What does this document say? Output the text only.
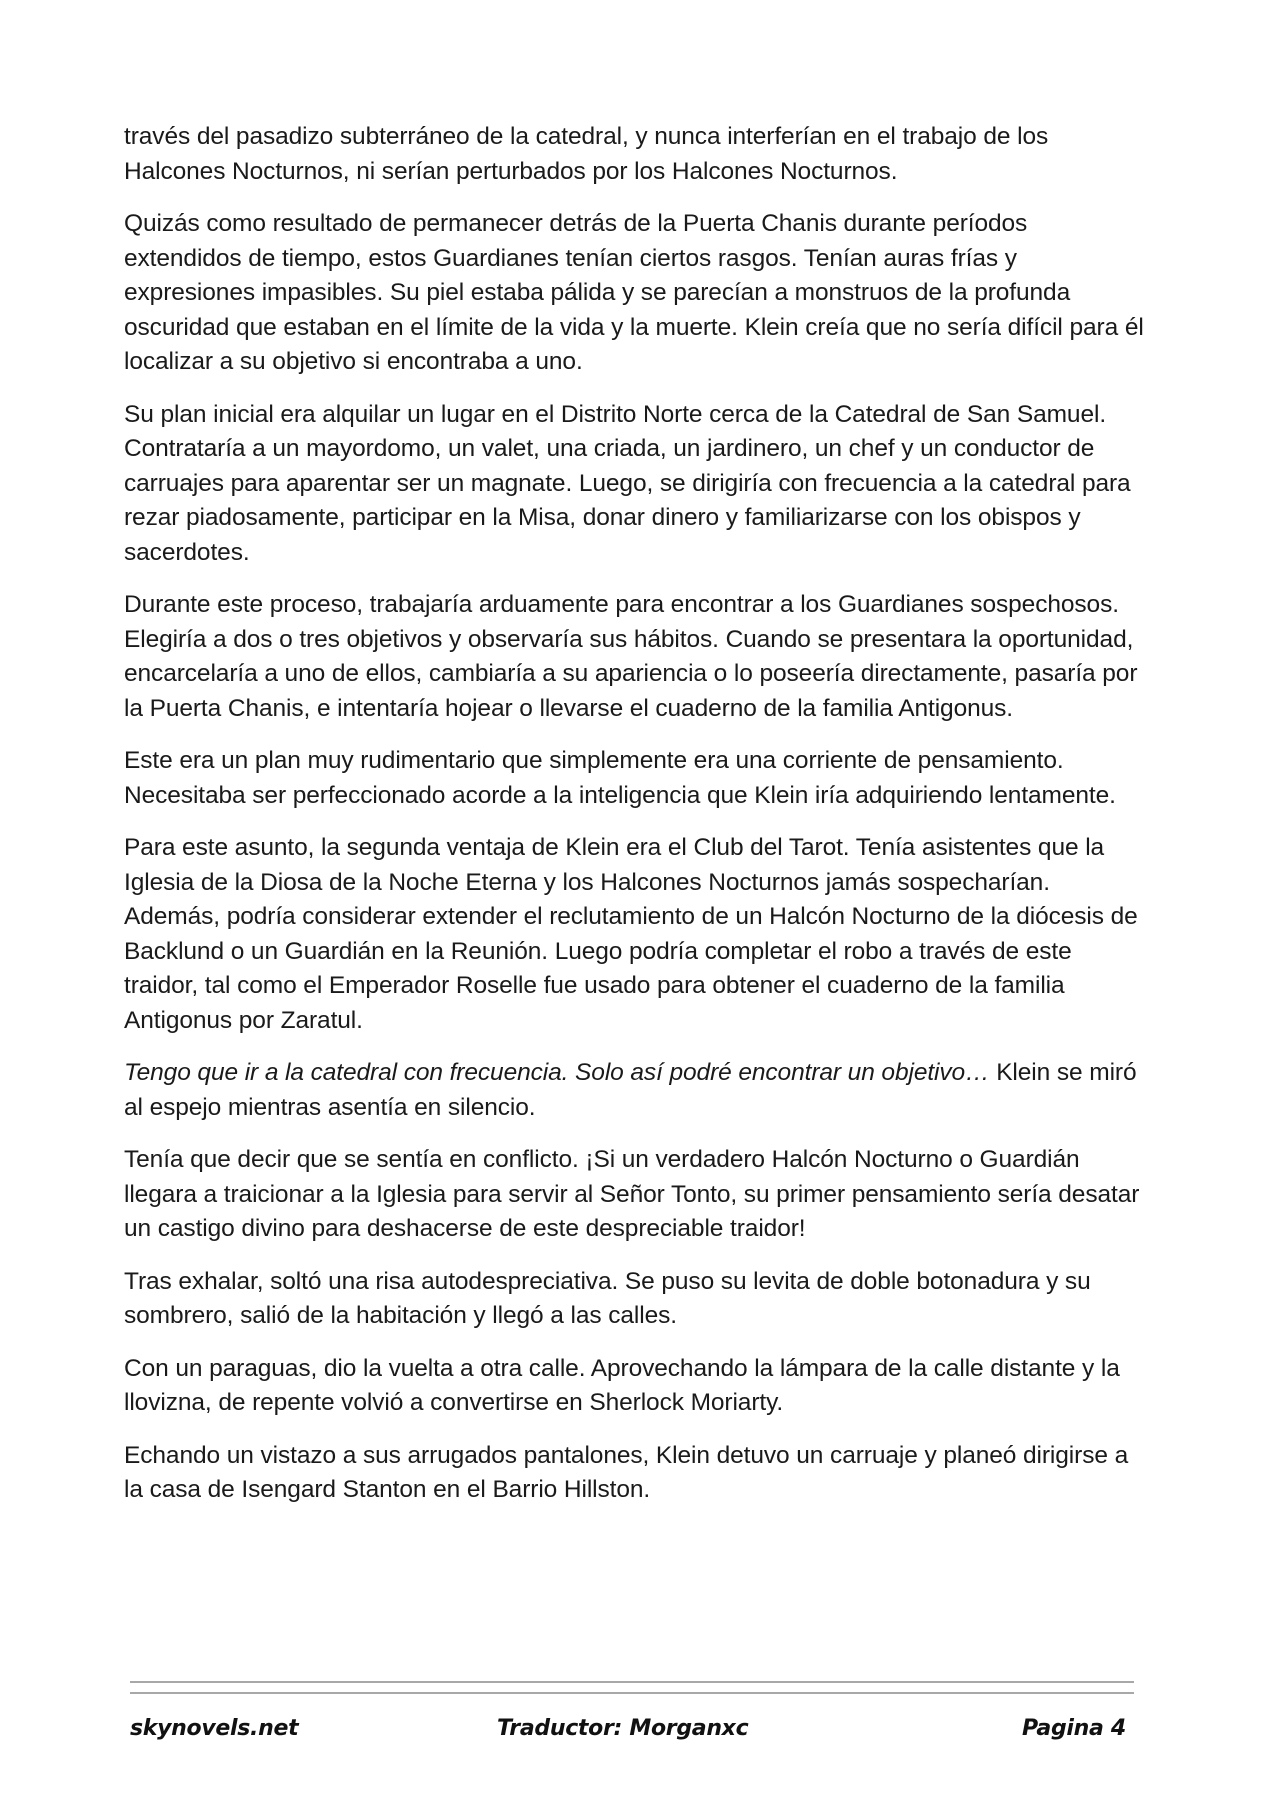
través del pasadizo subterráneo de la catedral, y nunca interferían en el trabajo de los Halcones Nocturnos, ni serían perturbados por los Halcones Nocturnos.

Quizás como resultado de permanecer detrás de la Puerta Chanis durante períodos extendidos de tiempo, estos Guardianes tenían ciertos rasgos. Tenían auras frías y expresiones impasibles. Su piel estaba pálida y se parecían a monstruos de la profunda oscuridad que estaban en el límite de la vida y la muerte. Klein creía que no sería difícil para él localizar a su objetivo si encontraba a uno.

Su plan inicial era alquilar un lugar en el Distrito Norte cerca de la Catedral de San Samuel. Contrataría a un mayordomo, un valet, una criada, un jardinero, un chef y un conductor de carruajes para aparentar ser un magnate. Luego, se dirigiría con frecuencia a la catedral para rezar piadosamente, participar en la Misa, donar dinero y familiarizarse con los obispos y sacerdotes.

Durante este proceso, trabajaría arduamente para encontrar a los Guardianes sospechosos. Elegiría a dos o tres objetivos y observaría sus hábitos. Cuando se presentara la oportunidad, encarcelaría a uno de ellos, cambiaría a su apariencia o lo poseería directamente, pasaría por la Puerta Chanis, e intentaría hojear o llevarse el cuaderno de la familia Antigonus.

Este era un plan muy rudimentario que simplemente era una corriente de pensamiento. Necesitaba ser perfeccionado acorde a la inteligencia que Klein iría adquiriendo lentamente.

Para este asunto, la segunda ventaja de Klein era el Club del Tarot. Tenía asistentes que la Iglesia de la Diosa de la Noche Eterna y los Halcones Nocturnos jamás sospecharían. Además, podría considerar extender el reclutamiento de un Halcón Nocturno de la diócesis de Backlund o un Guardián en la Reunión. Luego podría completar el robo a través de este traidor, tal como el Emperador Roselle fue usado para obtener el cuaderno de la familia Antigonus por Zaratul.

Tengo que ir a la catedral con frecuencia. Solo así podré encontrar un objetivo… Klein se miró al espejo mientras asentía en silencio.

Tenía que decir que se sentía en conflicto. ¡Si un verdadero Halcón Nocturno o Guardián llegara a traicionar a la Iglesia para servir al Señor Tonto, su primer pensamiento sería desatar un castigo divino para deshacerse de este despreciable traidor!

Tras exhalar, soltó una risa autodespreciativa. Se puso su levita de doble botonadura y su sombrero, salió de la habitación y llegó a las calles.

Con un paraguas, dio la vuelta a otra calle. Aprovechando la lámpara de la calle distante y la llovizna, de repente volvió a convertirse en Sherlock Moriarty.

Echando un vistazo a sus arrugados pantalones, Klein detuvo un carruaje y planeó dirigirse a la casa de Isengard Stanton en el Barrio Hillston.

skynovels.net	Traductor: Morganxc	Pagina 4
